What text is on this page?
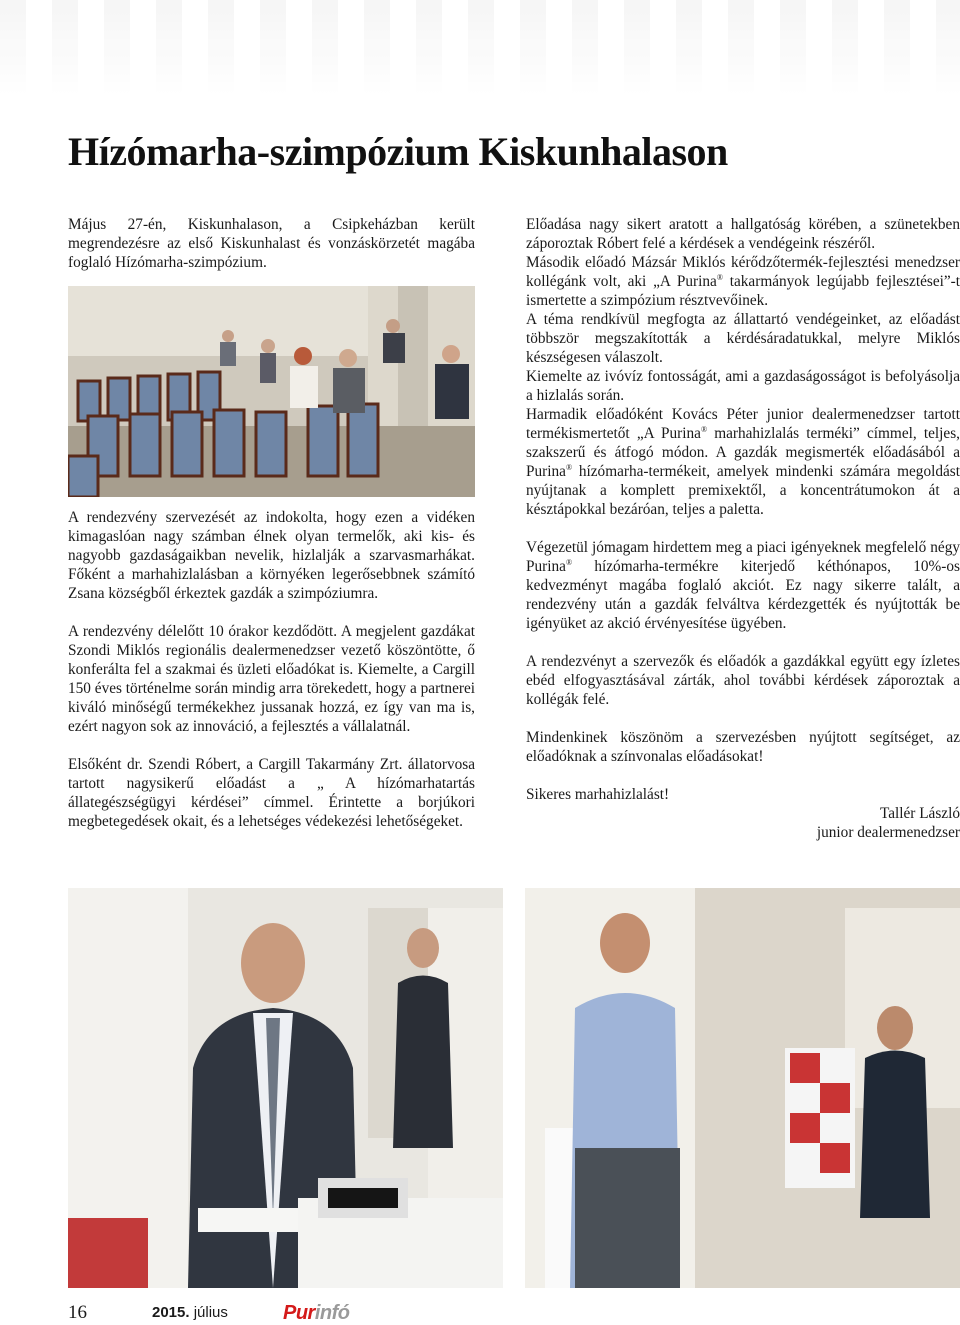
Hízómarha-szimpózium Kiskunhalason

Május 27-én, Kiskunhalason, a Csipkeházban került megrendezésre az első Kiskunhalast és vonzáskörzetét magába foglaló Hízómarha-szimpózium.

A rendezvény szervezését az indokolta, hogy ezen a vidéken kimagaslóan nagy számban élnek olyan termelők, aki kis- és nagyobb gazdaságaikban nevelik, hizlalják a szarvasmarhákat. Főként a marhahizlalásban a környéken legerősebbnek számító Zsana községből érkeztek gazdák a szimpóziumra.

A rendezvény délelőtt 10 órakor kezdődött. A megjelent gazdákat Szondi Miklós regionális dealermenedzser vezető köszöntötte, ő konferálta fel a szakmai és üzleti előadókat is. Kiemelte, a Cargill 150 éves történelme során mindig arra törekedett, hogy a partnerei kiváló minőségű termékekhez jussanak hozzá, ez így van ma is, ezért nagyon sok az innováció, a fejlesztés a vállalatnál.

Elsőként dr. Szendi Róbert, a Cargill Takarmány Zrt. állatorvosa tartott nagysikerű előadást a „ A hízómarhatartás állategészségügyi kérdései” címmel. Érintette a borjúkori megbetegedések okait, és a lehetséges védekezési lehetőségeket.

Előadása nagy sikert aratott a hallgatóság körében, a szünetekben záporoztak Róbert felé a kérdések a vendégeink részéről.

Második előadó Mázsár Miklós kérődzőtermék-fejlesztési menedzser kollégánk volt, aki „A Purina® takarmányok legújabb fejlesztései”-t ismertette a szimpózium résztvevőinek.

A téma rendkívül megfogta az állattartó vendégeinket, az előadást többször megszakították a kérdésáradatukkal, melyre Miklós készségesen válaszolt.

Kiemelte az ivóvíz fontosságát, ami a gazdaságosságot is befolyásolja a hizlalás során.

Harmadik előadóként Kovács Péter junior dealermenedzser tartott termékismertetőt „A Purina® marhahizlalás terméki” címmel, teljes, szakszerű és átfogó módon. A gazdák megismerték előadásából a Purina® hízómarha-termékeit, amelyek mindenki számára megoldást nyújtanak a komplett premixektől, a koncentrátumokon át a késztápokkal bezáróan, teljes a paletta.

Végezetül jómagam hirdettem meg a piaci igényeknek megfelelő négy Purina® hízómarha-termékre kiterjedő kéthónapos, 10%-os kedvezményt magába foglaló akciót. Ez nagy sikerre talált, a rendezvény után a gazdák felváltva kérdezgették és nyújtották be igényüket az akció érvényesítése ügyében.

A rendezvényt a szervezők és előadók a gazdákkal együtt egy ízletes ebéd elfogyasztásával zárták, ahol további kérdések záporoztak a kollégák felé.

Mindenkinek köszönöm a szervezésben nyújtott segítséget, az előadóknak a színvonalas előadásokat!

Sikeres marhahizlalást!

Tallér László

junior dealermenedzser

16	2015. július	Purinfó
